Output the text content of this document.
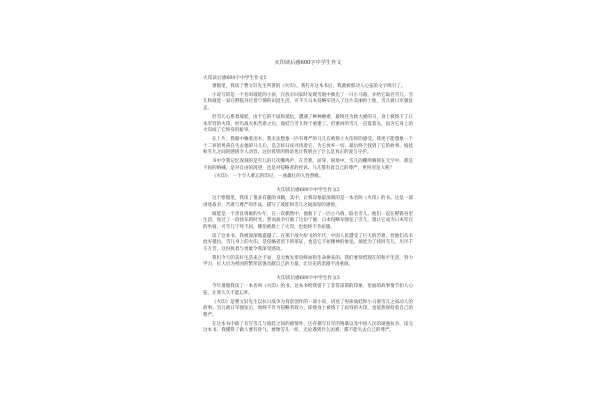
火印读后感600字中学生作文
火印读后感600字中学生作文1

暑假里，我读了曹文轩先生所著的《火印》。我打开这本书后，我就被那动人心弦的文字吸引了。

小说写的是一个名叫坡娃的小孩，在放羊回家时发现雪地中救出了一只小马驹，并给它取名雪儿。雪儿和坡娃一家在野狐谷过着宁静的田园生活，可不久日本侵略军进入了这片美丽的土地，雪儿被日军强征走。

但雪儿心系着坡娃，由于它的不屈和抵抗，遭遇了种种磨难，最终还为救大俯的马，身上被烙下了日本军营的火印，经历战火和苦难之后，坡娃与雪儿终于重逢了。但重回的雪儿一直低着头，因为它身上的火印成了它终身的耻辱。

在上片，我眼中噙着泪水，我无法想象一匹有尊严的马儿在被烙上火印时的感受。我更不能想象一个十二岁的男孩在失去他的马儿后，是怎样日夜寻找着它，为它放弃一切，最后终于找到了它的故事。坡娃和雪儿之间的感情令人动容，这份真挚的情谊也让我明白了什么是真正的爱与守护。

书中令我记忆深刻的是雪儿的几次嘶鸣声，在苦难、屈辱、困境中，雪儿的嘶鸣响彻在天空中，那是不屈的呐喊，是对自由的渴望，也是对侵略者的控诉。马儿都有着自己的尊严，更何况是人呢？

《火印》，一个令人难忘的印记，一曲雄壮的人性赞歌。

火印读后感600字中学生作文2

这个寒假里，我读了很多有趣的书籍，其中，让我印象最深刻的是一本名叫《火印》的书。这是一部讲述战争、苦难与尊严的作品，描写了坡娃和雪儿之间深厚的感情。

坡娃是一个善良勇敢的少年，在一次偶然中，他救下了一匹小马驹，取名雪儿。他们一起在野狐谷里生活，度过了一段快乐的时光。然而战争打破了这份宁静，日本侵略军强征了雪儿，想让它成为日本军官的坐骑，可雪儿宁死不屈，哪怕被烙上了火印，也始终不肯屈服。

读了这本书，我被深深地震撼了。在那个战火纷飞的年代，中国人民遭受了巨大的苦难，但他们从未放弃抵抗。雪儿身上的火印，是侵略者留下的罪证，也是它不屈精神的象征。坡娃为了找回雪儿，历尽千辛万苦，这份执着与勇敢令我深受感动。

我们今天的美好生活来之不易，是无数先辈用鲜血和生命换来的。我们要珍惜现在的和平生活，努力学习，长大后为祖国的繁荣富强贡献自己的力量，让历史的悲剧不再重演。

火印读后感600字中学生作文3

今年暑假我读了一本名叫《火印》的书，这本书给我留下了非常深刻的印象，里面的故事情节扣人心弦，让我久久不能忘怀。

《火印》是曹文轩先生以抗日战争为背景创作的一部小说，讲述了男孩坡娃和小马驹雪儿之间动人的故事。雪儿被日军强征后，始终不肯为侵略者效力，即使身上被烙下了屈辱的火印，也依然保持着自己的尊严。

在这本书中除了有写雪儿与坡娃之间的感情外，还有描写日军的残暴以及中国人民的顽强抗争。读完这本书，我懂得了做人要有骨气，要像雪儿一样，无论遇到什么困难，都不能失去自己的尊严。
